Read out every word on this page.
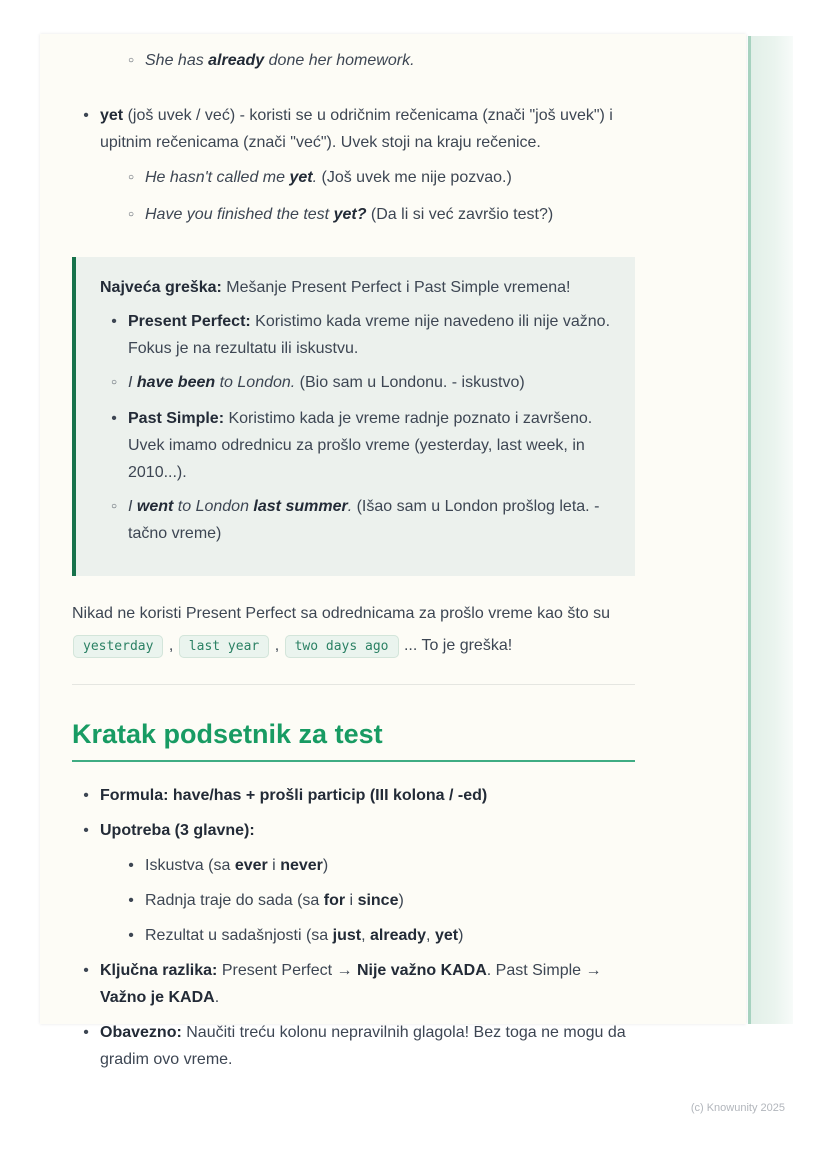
○
She has already done her homework.
•
yet (još uvek / već) - koristi se u odričnim rečenicama (znači "još uvek") i upitnim rečenicama (znači "već"). Uvek stoji na kraju rečenice.
○
He hasn't called me yet. (Još uvek me nije pozvao.)
○
Have you finished the test yet? (Da li si već završio test?)

Najveća greška: Mešanje Present Perfect i Past Simple vremena!

•
Present Perfect: Koristimo kada vreme nije navedeno ili nije važno. Fokus je na rezultatu ili iskustvu.
○
I have been to London. (Bio sam u Londonu. - iskustvo)
•
Past Simple: Koristimo kada je vreme radnje poznato i završeno. Uvek imamo odrednicu za prošlo vreme (yesterday, last week, in 2010...).
○
I went to London last summer. (Išao sam u London prošlog leta. - tačno vreme)

Nikad ne koristi Present Perfect sa odrednicama za prošlo vreme kao što su yesterday , last year , two days ago ... To je greška!

Kratak podsetnik za test
•
Formula: have/has + prošli particip (III kolona / -ed)
•
Upotreba (3 glavne):
•
Iskustva (sa ever i never)
•
Radnja traje do sada (sa for i since)
•
Rezultat u sadašnjosti (sa just, already, yet)
•
Ključna razlika: Present Perfect → Nije važno KADA. Past Simple → Važno je KADA.
•
Obavezno: Naučiti treću kolonu nepravilnih glagola! Bez toga ne mogu da gradim ovo vreme.
(c) Knowunity 2025
